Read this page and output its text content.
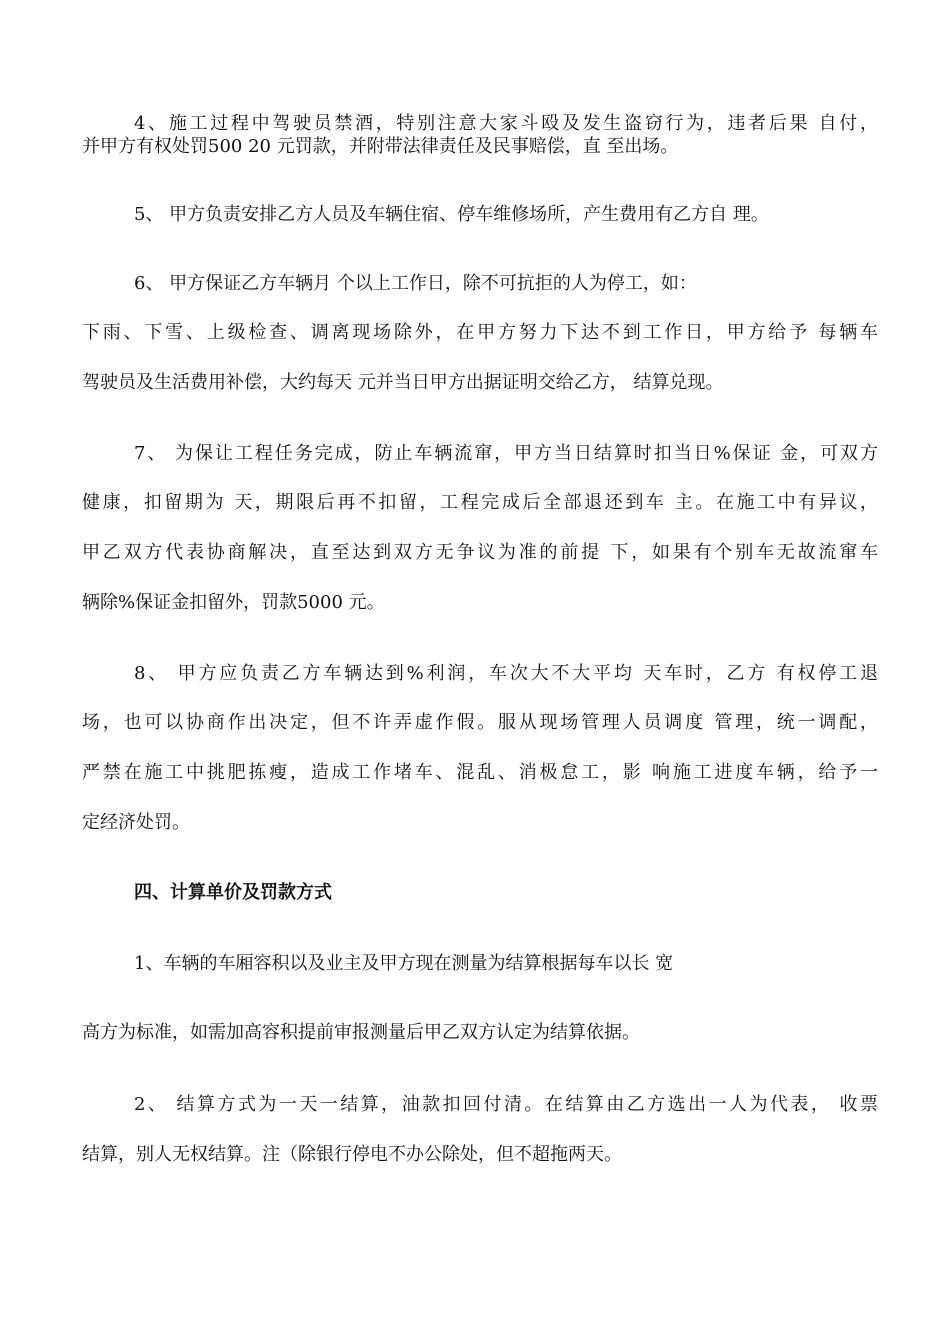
4、施工过程中驾驶员禁酒，特别注意大家斗殴及发生盗窃行为，违者后果 自付，
并甲方有权处罚500 20 元罚款，并附带法律责任及民事赔偿，直 至出场。
5、 甲方负责安排乙方人员及车辆住宿、停车维修场所，产生费用有乙方自 理。
6、 甲方保证乙方车辆月 个以上工作日，除不可抗拒的人为停工，如：
下雨、下雪、上级检查、调离现场除外，在甲方努力下达不到工作日，甲方给予 每辆车
驾驶员及生活费用补偿，大约每天 元并当日甲方出据证明交给乙方， 结算兑现。
7、 为保让工程任务完成，防止车辆流窜，甲方当日结算时扣当日%保证 金，可双方
健康，扣留期为 天，期限后再不扣留，工程完成后全部退还到车 主。在施工中有异议，
甲乙双方代表协商解决，直至达到双方无争议为准的前提 下，如果有个别车无故流窜车
辆除%保证金扣留外，罚款5000 元。
8、 甲方应负责乙方车辆达到%利润，车次大不大平均 天车时，乙方 有权停工退
场，也可以协商作出决定，但不许弄虚作假。服从现场管理人员调度 管理，统一调配，
严禁在施工中挑肥拣瘦，造成工作堵车、混乱、消极怠工，影 响施工进度车辆，给予一
定经济处罚。
四、计算单价及罚款方式
1、车辆的车厢容积以及业主及甲方现在测量为结算根据每车以长 宽
高方为标准，如需加高容积提前审报测量后甲乙双方认定为结算依据。
2、 结算方式为一天一结算，油款扣回付清。在结算由乙方选出一人为代表， 收票
结算，别人无权结算。注（除银行停电不办公除处，但不超拖两天。
